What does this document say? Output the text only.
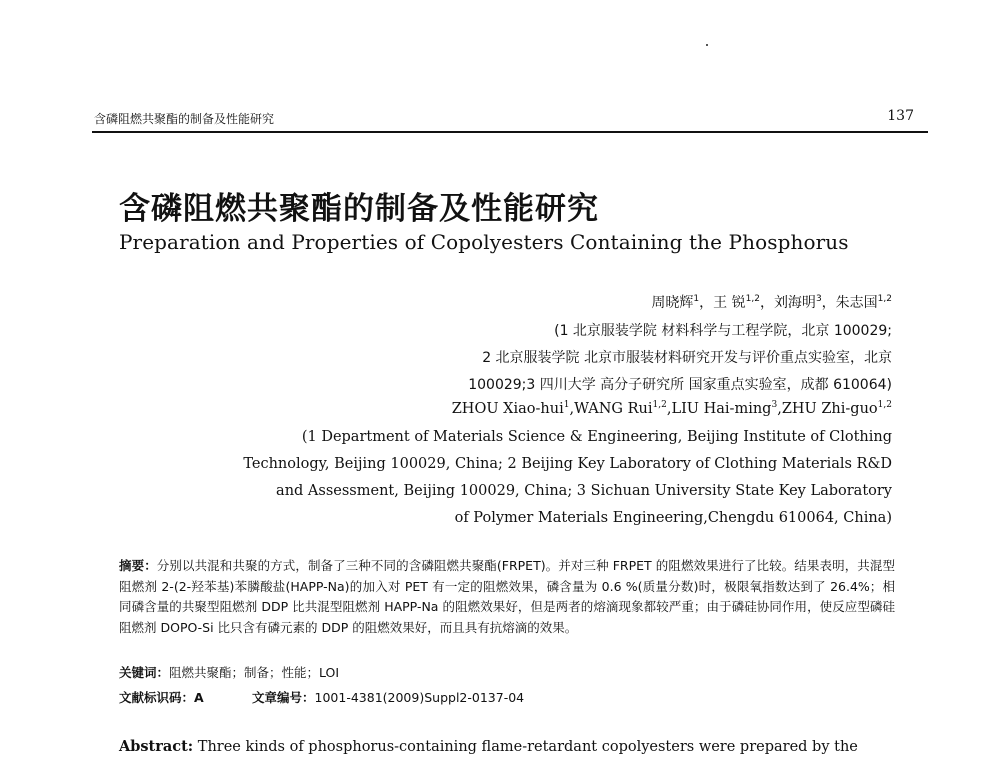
含磷阻燃共聚酯的制备及性能研究	137
含磷阻燃共聚酯的制备及性能研究
Preparation and Properties of Copolyesters Containing the Phosphorus
周晓辉$^1$，王 锐$^{1,2}$，刘海明$^3$，朱志国$^{1,2}$
(1 北京服装学院 材料科学与工程学院，北京 100029;
2 北京服装学院 北京市服装材料研究开发与评价重点实验室，北京
100029;3 四川大学 高分子研究所 国家重点实验室，成都 610064)
ZHOU Xiao-hui$^1$,WANG Rui$^{1,2}$,LIU Hai-ming$^3$,ZHU Zhi-guo$^{1,2}$
(1 Department of Materials Science & Engineering, Beijing Institute of Clothing
Technology, Beijing 100029, China; 2 Beijing Key Laboratory of Clothing Materials R&D
and Assessment, Beijing 100029, China; 3 Sichuan University State Key Laboratory
of Polymer Materials Engineering,Chengdu 610064, China)

摘要：分别以共混和共聚的方式，制备了三种不同的含磷阻燃共聚酯(FRPET)。并对三种 FRPET 的阻燃效果进行了比较。结果表明，共混型阻燃剂 2-(2-羟苯基)苯膦酸盐(HAPP-Na)的加入对 PET 有一定的阻燃效果，磷含量为 0.6 %(质量分数)时，极限氧指数达到了 26.4%；相同磷含量的共聚型阻燃剂 DDP 比共混型阻燃剂 HAPP-Na 的阻燃效果好，但是两者的熔滴现象都较严重；由于磷硅协同作用，使反应型磷硅阻燃剂 DOPO-Si 比只含有磷元素的 DDP 的阻燃效果好，而且具有抗熔滴的效果。

关键词：阻燃共聚酯；制备；性能；LOI
文献标识码：A	文章编号：1001-4381(2009)Suppl2-0137-04
Abstract: Three kinds of phosphorus-containing flame-retardant copolyesters were prepared by the
